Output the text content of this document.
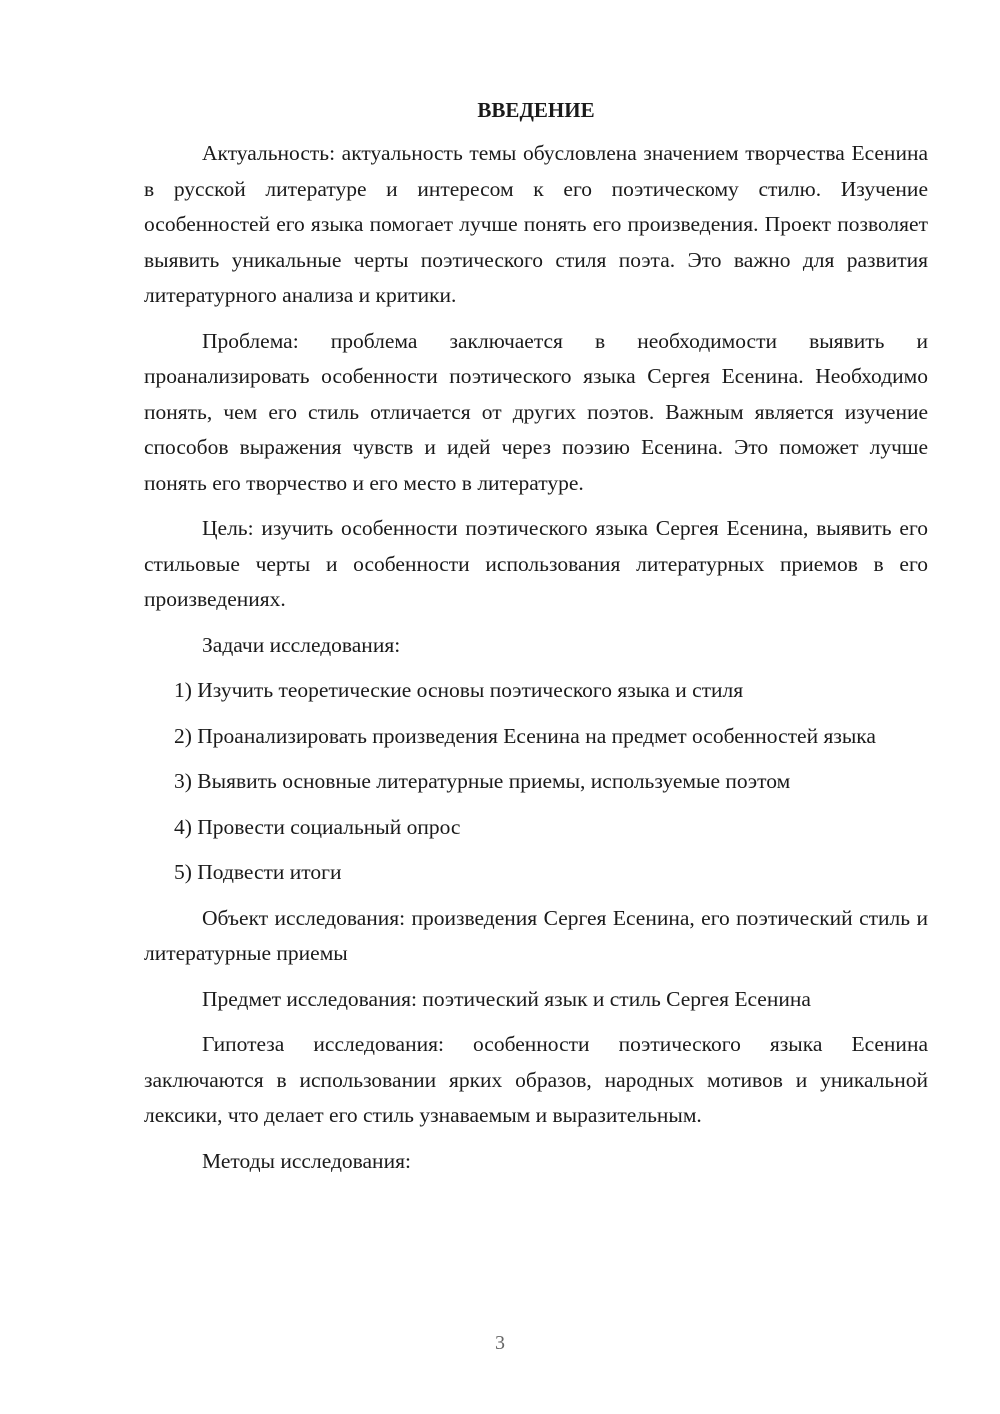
ВВЕДЕНИЕ

Актуальность: актуальность темы обусловлена значением творчества Есенина в русской литературе и интересом к его поэтическому стилю. Изучение особенностей его языка помогает лучше понять его произведения. Проект позволяет выявить уникальные черты поэтического стиля поэта. Это важно для развития литературного анализа и критики.

Проблема: проблема заключается в необходимости выявить и проанализировать особенности поэтического языка Сергея Есенина. Необходимо понять, чем его стиль отличается от других поэтов. Важным является изучение способов выражения чувств и идей через поэзию Есенина. Это поможет лучше понять его творчество и его место в литературе.

Цель: изучить особенности поэтического языка Сергея Есенина, выявить его стильовые черты и особенности использования литературных приемов в его произведениях.

Задачи исследования:

1) Изучить теоретические основы поэтического языка и стиля

2) Проанализировать произведения Есенина на предмет особенностей языка

3) Выявить основные литературные приемы, используемые поэтом

4) Провести социальный опрос

5) Подвести итоги

Объект исследования: произведения Сергея Есенина, его поэтический стиль и литературные приемы

Предмет исследования: поэтический язык и стиль Сергея Есенина

Гипотеза исследования: особенности поэтического языка Есенина заключаются в использовании ярких образов, народных мотивов и уникальной лексики, что делает его стиль узнаваемым и выразительным.

Методы исследования:

3
